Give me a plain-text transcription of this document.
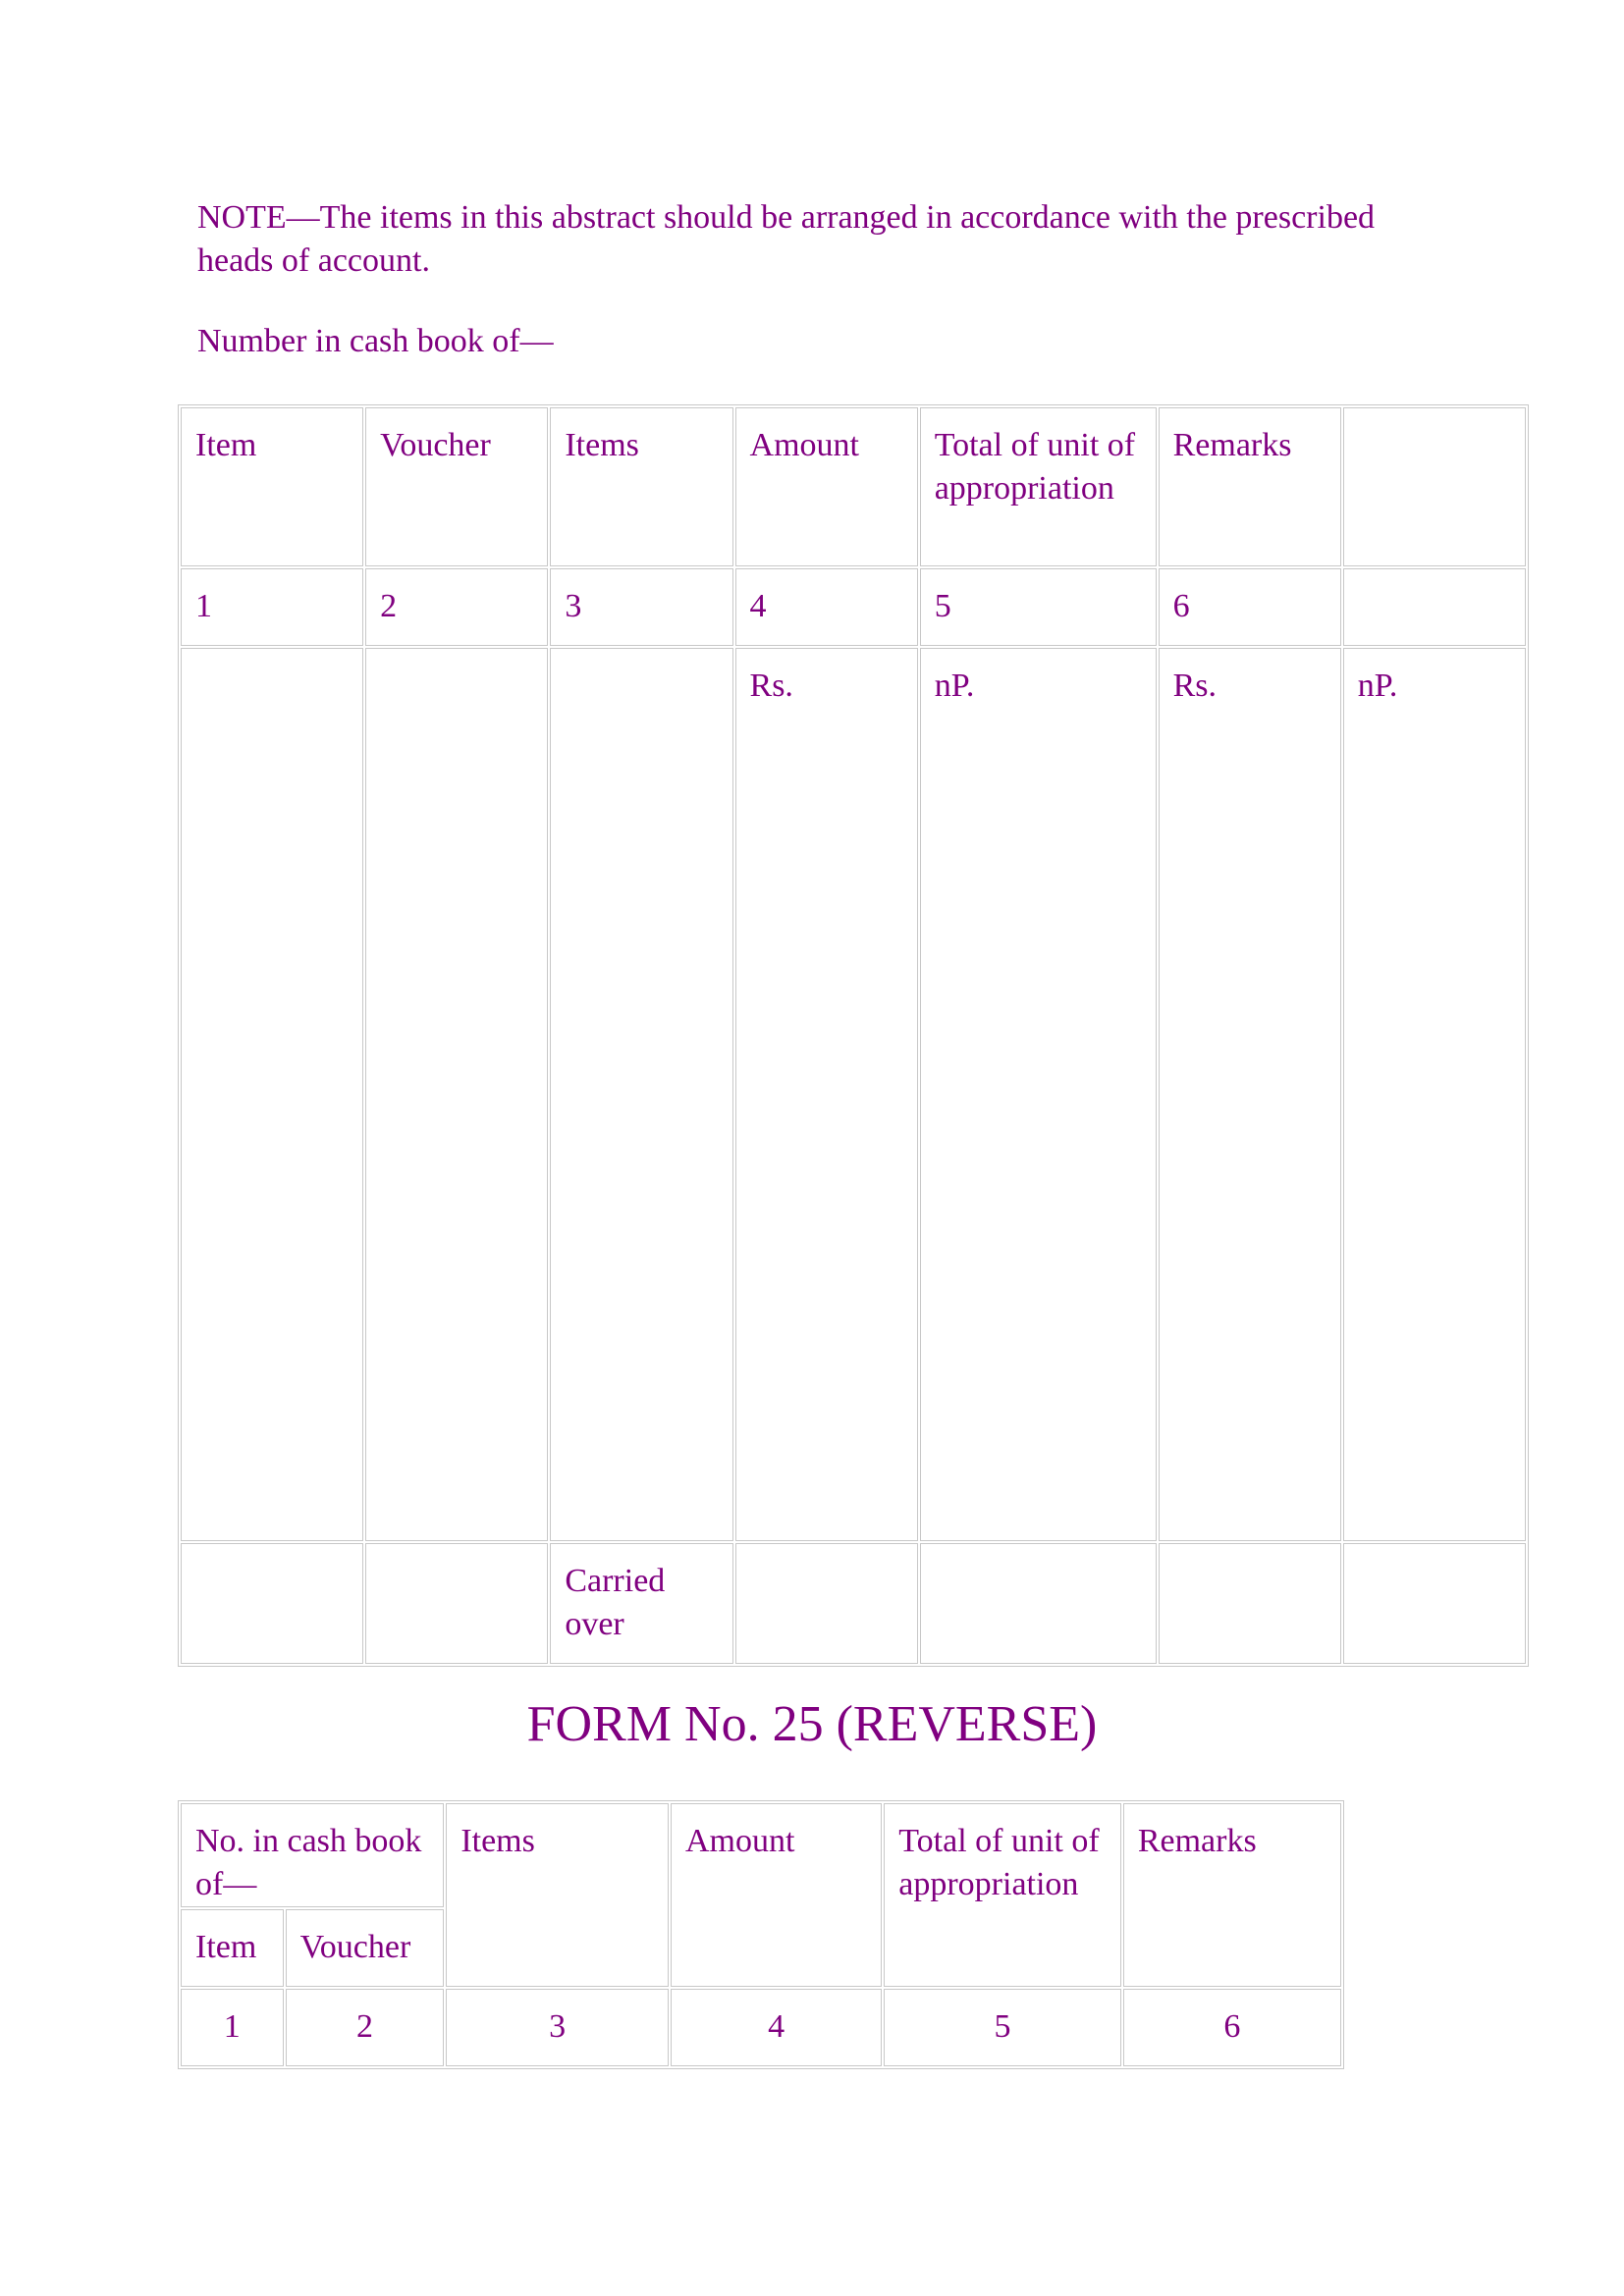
NOTE—The items in this abstract should be arranged in accordance with the prescribed heads of account.

Number in cash book of—

Item	Voucher	Items	Amount	Total of unit of appropriation	Remarks	
1	2	3	4	5	6	
			Rs.	nP.	Rs.	nP.
		Carried over				
FORM No. 25 (REVERSE)
No. in cash book of—		Items	Amount	Total of unit of appropriation	Remarks
Item	Voucher				
1	2	3	4	5	6
